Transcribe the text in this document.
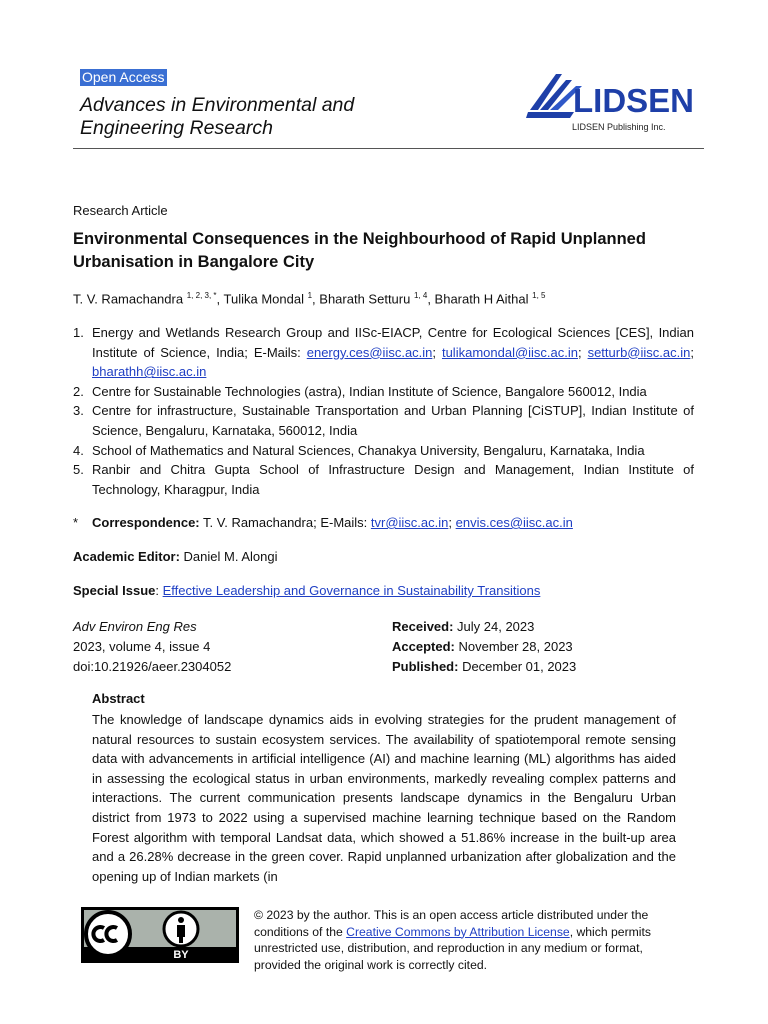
Open Access
Advances in Environmental and
Engineering Research
LIDSEN
LIDSEN Publishing Inc.
Research Article
Environmental Consequences in the Neighbourhood of Rapid Unplanned
Urbanisation in Bangalore City
T. V. Ramachandra $^{1, 2, 3, *}$, Tulika Mondal $^1$, Bharath Setturu $^{1, 4}$, Bharath H Aithal $^{1, 5}$
1. Energy and Wetlands Research Group and IISc-EIACP, Centre for Ecological Sciences [CES], Indian Institute of Science, India; E-Mails: energy.ces@iisc.ac.in; tulikamondal@iisc.ac.in; setturb@iisc.ac.in; bharathh@iisc.ac.in
2. Centre for Sustainable Technologies (astra), Indian Institute of Science, Bangalore 560012, India
3. Centre for infrastructure, Sustainable Transportation and Urban Planning [CiSTUP], Indian Institute of Science, Bengaluru, Karnataka, 560012, India
4. School of Mathematics and Natural Sciences, Chanakya University, Bengaluru, Karnataka, India
5. Ranbir and Chitra Gupta School of Infrastructure Design and Management, Indian Institute of Technology, Kharagpur, India
* Correspondence: T. V. Ramachandra; E-Mails: tvr@iisc.ac.in; envis.ces@iisc.ac.in
Academic Editor: Daniel M. Alongi
Special Issue: Effective Leadership and Governance in Sustainability Transitions
Adv Environ Eng Res
2023, volume 4, issue 4
doi:10.21926/aeer.2304052
Received: July 24, 2023
Accepted: November 28, 2023
Published: December 01, 2023
Abstract
The knowledge of landscape dynamics aids in evolving strategies for the prudent management of natural resources to sustain ecosystem services. The availability of spatiotemporal remote sensing data with advancements in artificial intelligence (AI) and machine learning (ML) algorithms has aided in assessing the ecological status in urban environments, markedly revealing complex patterns and interactions. The current communication presents landscape dynamics in the Bengaluru Urban district from 1973 to 2022 using a supervised machine learning technique based on the Random Forest algorithm with temporal Landsat data, which showed a 51.86% increase in the built-up area and a 26.28% decrease in the green cover. Rapid unplanned urbanization after globalization and the opening up of Indian markets (in
BY
© 2023 by the author. This is an open access article distributed under the conditions of the Creative Commons by Attribution License, which permits unrestricted use, distribution, and reproduction in any medium or format, provided the original work is correctly cited.
